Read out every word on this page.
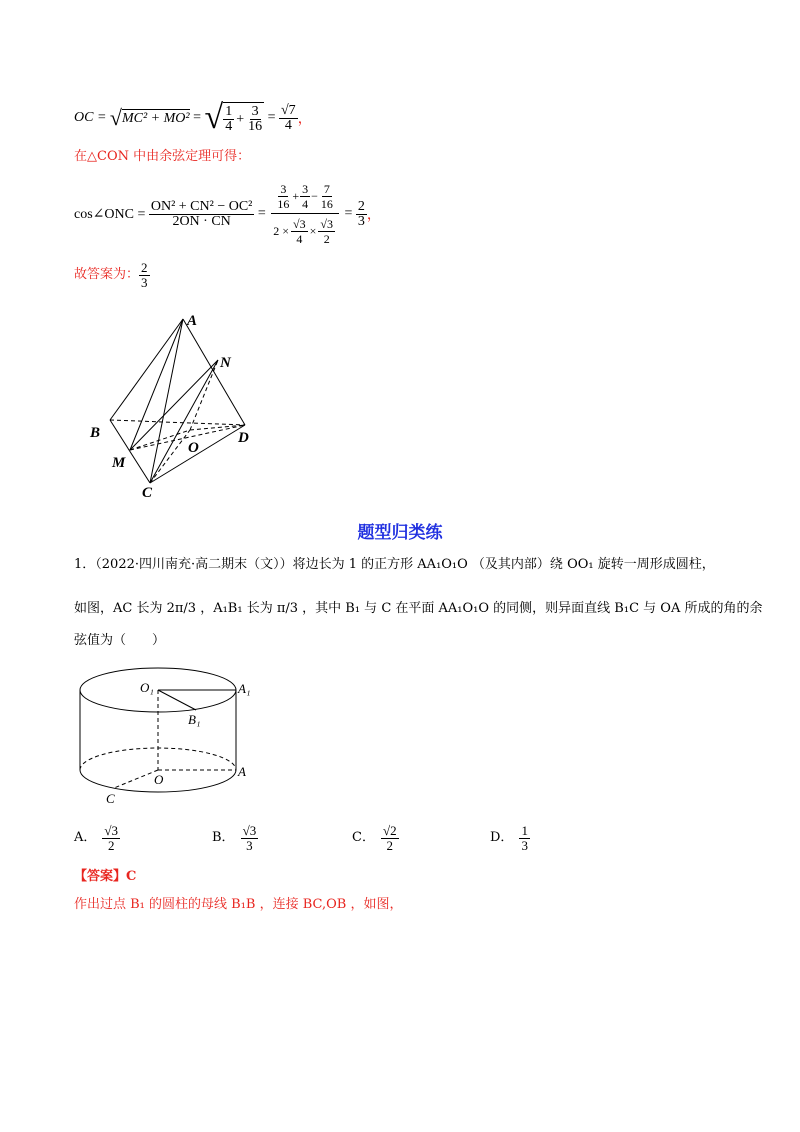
OC =
√ MC² + MO²
=
√ $\frac{1}{4} + \frac{3}{16}$
=
$\frac{√7}{4}$ ，
在△CON 中由余弦定理可得：
cos∠ONC =
$\frac{\text{ON² + CN² − OC²}}{2ON \cdot CN}$
=
$\frac{\frac{3}{16} + \frac{3}{4} - \frac{7}{16}}{2 \times \frac{√3}{4} \times \frac{√3}{2}}$
=
$\frac{2}{3}$ ，
故答案为： $\frac{2}{3}$
A
N
B
O
D
M
C
题型归类练
1．（2022·四川南充·高二期末（文））将边长为 1 的正方形 AA₁O₁O （及其内部）绕 OO₁ 旋转一周形成圆柱，
如图，AC 长为 2π/3 ，A₁B₁ 长为 π/3 ，其中 B₁ 与 C 在平面 AA₁O₁O 的同侧，则异面直线 B₁C 与 OA 所成的角的余
弦值为（　　）
O₁	A₁
B₁
O
A
C
A． $\frac{√3}{2}$	B． $\frac{√3}{3}$	C． $\frac{√2}{2}$	D． $\frac{1}{3}$
【答案】C
作出过点 B₁ 的圆柱的母线 B₁B ，连接 BC,OB ，如图，
